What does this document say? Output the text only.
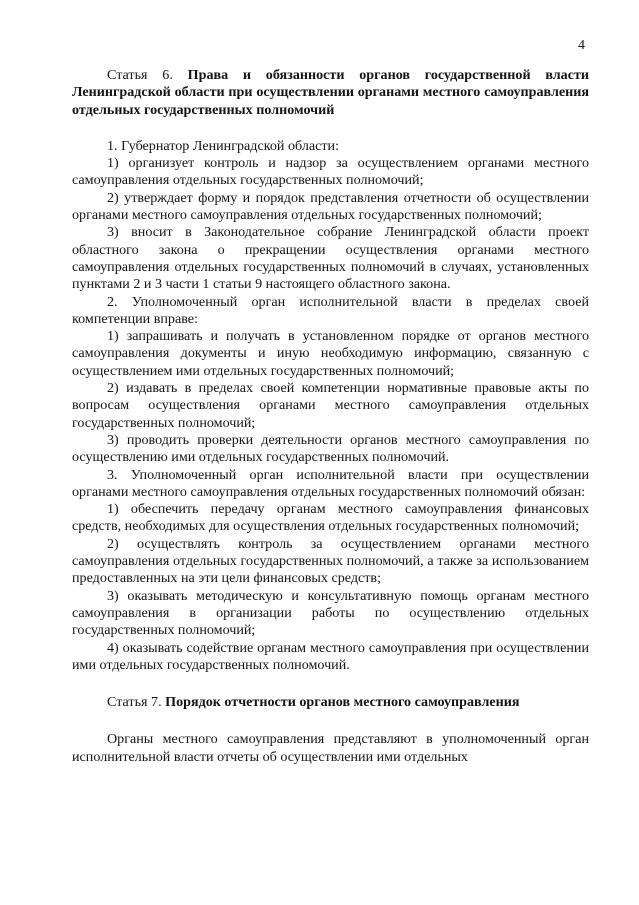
4

Статья 6. Права и обязанности органов государственной власти Ленинградской области при осуществлении органами местного самоуправления отдельных государственных полномочий

1. Губернатор Ленинградской области:

1) организует контроль и надзор за осуществлением органами местного самоуправления отдельных государственных полномочий;

2) утверждает форму и порядок представления отчетности об осуществлении органами местного самоуправления отдельных государственных полномочий;

3) вносит в Законодательное собрание Ленинградской области проект областного закона о прекращении осуществления органами местного самоуправления отдельных государственных полномочий в случаях, установленных пунктами 2 и 3 части 1 статьи 9 настоящего областного закона.

2. Уполномоченный орган исполнительной власти в пределах своей компетенции вправе:

1) запрашивать и получать в установленном порядке от органов местного самоуправления документы и иную необходимую информацию, связанную с осуществлением ими отдельных государственных полномочий;

2) издавать в пределах своей компетенции нормативные правовые акты по вопросам осуществления органами местного самоуправления отдельных государственных полномочий;

3) проводить проверки деятельности органов местного самоуправления по осуществлению ими отдельных государственных полномочий.

3. Уполномоченный орган исполнительной власти при осуществлении органами местного самоуправления отдельных государственных полномочий обязан:

1) обеспечить передачу органам местного самоуправления финансовых средств, необходимых для осуществления отдельных государственных полномочий;

2) осуществлять контроль за осуществлением органами местного самоуправления отдельных государственных полномочий, а также за использованием предоставленных на эти цели финансовых средств;

3) оказывать методическую и консультативную помощь органам местного самоуправления в организации работы по осуществлению отдельных государственных полномочий;

4) оказывать содействие органам местного самоуправления при осуществлении ими отдельных государственных полномочий.

Статья 7. Порядок отчетности органов местного самоуправления

Органы местного самоуправления представляют в уполномоченный орган исполнительной власти отчеты об осуществлении ими отдельных
